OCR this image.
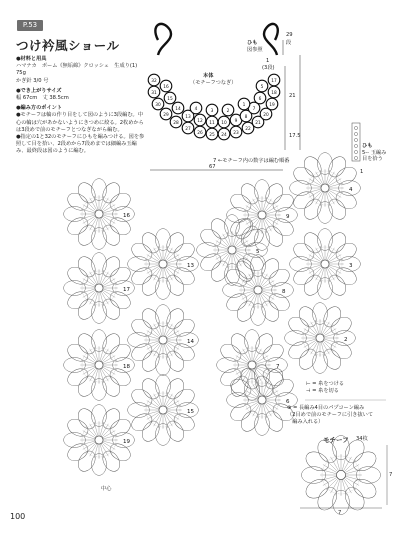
P.53
つけ衿風ショール
●材料と用具
ハマナカ　ボーム《無垢綿》クロッシェ　生成り(1)
75g
かぎ針 3/0 号
●でき上がりサイズ
幅 67cm　丈 38.5cm
●編み方のポイント
●モチーフは輪の作り目をして図のように3段編む。中
心の輪は穴があかないようにきつめに絞る。2枚めから
は3段めで前のモチーフとつなぎながら編む。
●指定の1と32のモチーフにひもを編みつける。図を参
照して目を拾い、2段めから7段めまでは細編み玉編
み、最終段は図のように編む。
32
31
30
29
28
27
26 25 24 23
22
21
20
19
18
17
16
15
14
13
12 11 10 9
8
7
6
5
4	3	2
1
16
17
18
19
13
14
15
9
8
7
6
5
4
3
2
ひも
図参照
29
段
1
(3段)
本体
（モチーフつなぎ）
21
17.5
7 ←モチーフ内の数字は編む順番
67
ひも
5-- 玉編み
目を拾う
1
⊢ = 糸をつける
⊣ = 糸を切る
⊕ = 長編み4目のパプコーン編み
（2目めで前のモチーフに引き抜いて
　編み入れる）
モチーフ 34枚
7
7
中心
100
